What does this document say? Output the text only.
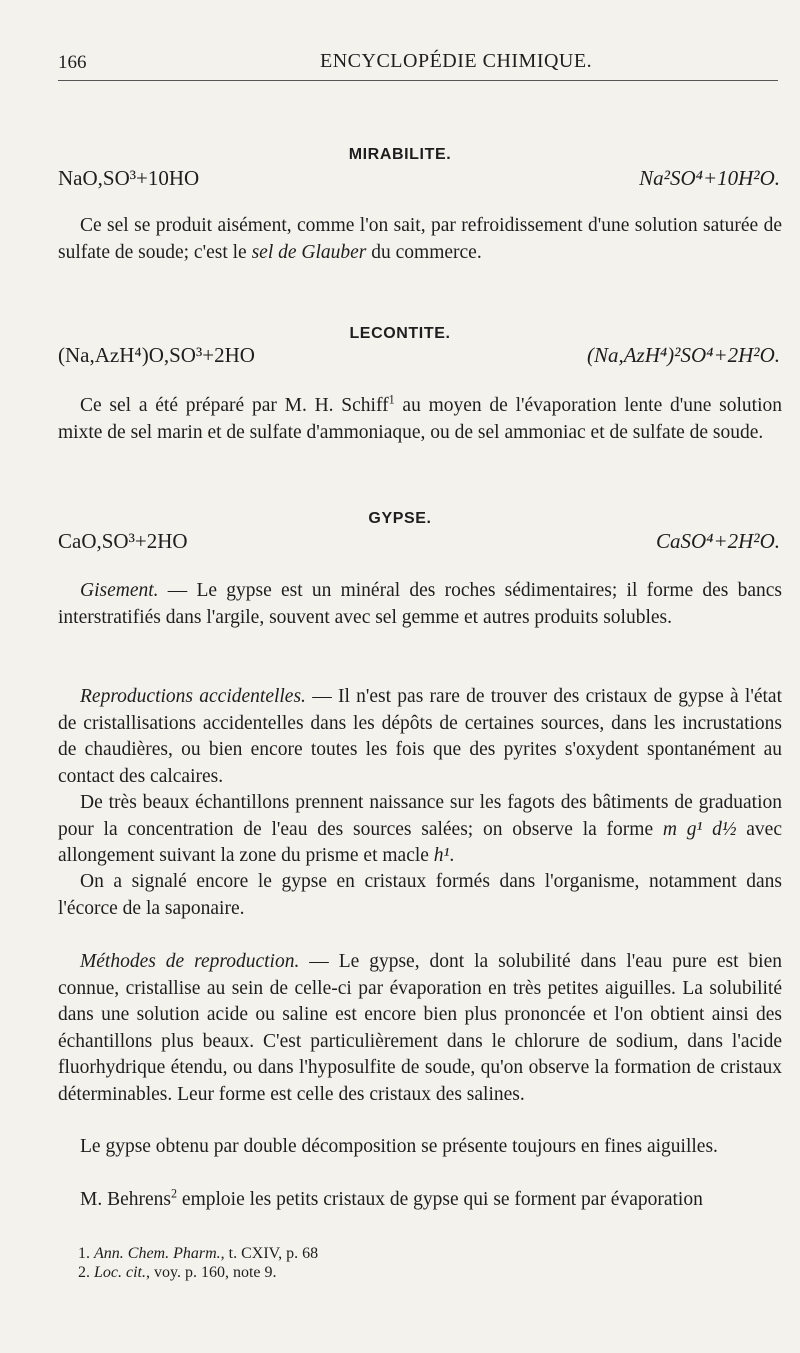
166	ENCYCLOPÉDIE CHIMIQUE.
MIRABILITE.
NaO,SO³+10HO	Na²SO⁴+10H²O.

Ce sel se produit aisément, comme l'on sait, par refroidissement d'une solution saturée de sulfate de soude; c'est le sel de Glauber du commerce.

LECONTITE.
(Na,AzH⁴)O,SO³+2HO	(Na,AzH⁴)²SO⁴+2H²O.

Ce sel a été préparé par M. H. Schiff$^1$ au moyen de l'évaporation lente d'une solution mixte de sel marin et de sulfate d'ammoniaque, ou de sel ammoniac et de sulfate de soude.

GYPSE.
CaO,SO³+2HO	CaSO⁴+2H²O.

Gisement. — Le gypse est un minéral des roches sédimentaires; il forme des bancs interstratifiés dans l'argile, souvent avec sel gemme et autres produits solubles.

Reproductions accidentelles. — Il n'est pas rare de trouver des cristaux de gypse à l'état de cristallisations accidentelles dans les dépôts de certaines sources, dans les incrustations de chaudières, ou bien encore toutes les fois que des pyrites s'oxydent spontanément au contact des calcaires.

De très beaux échantillons prennent naissance sur les fagots des bâtiments de graduation pour la concentration de l'eau des sources salées; on observe la forme m g¹ d½ avec allongement suivant la zone du prisme et macle h¹.

On a signalé encore le gypse en cristaux formés dans l'organisme, notamment dans l'écorce de la saponaire.

Méthodes de reproduction. — Le gypse, dont la solubilité dans l'eau pure est bien connue, cristallise au sein de celle-ci par évaporation en très petites aiguilles. La solubilité dans une solution acide ou saline est encore bien plus prononcée et l'on obtient ainsi des échantillons plus beaux. C'est particulièrement dans le chlorure de sodium, dans l'acide fluorhydrique étendu, ou dans l'hyposulfite de soude, qu'on observe la formation de cristaux déterminables. Leur forme est celle des cristaux des salines.

Le gypse obtenu par double décomposition se présente toujours en fines aiguilles.

M. Behrens$^2$ emploie les petits cristaux de gypse qui se forment par évaporation

1. Ann. Chem. Pharm., t. CXIV, p. 68

2. Loc. cit., voy. p. 160, note 9.
